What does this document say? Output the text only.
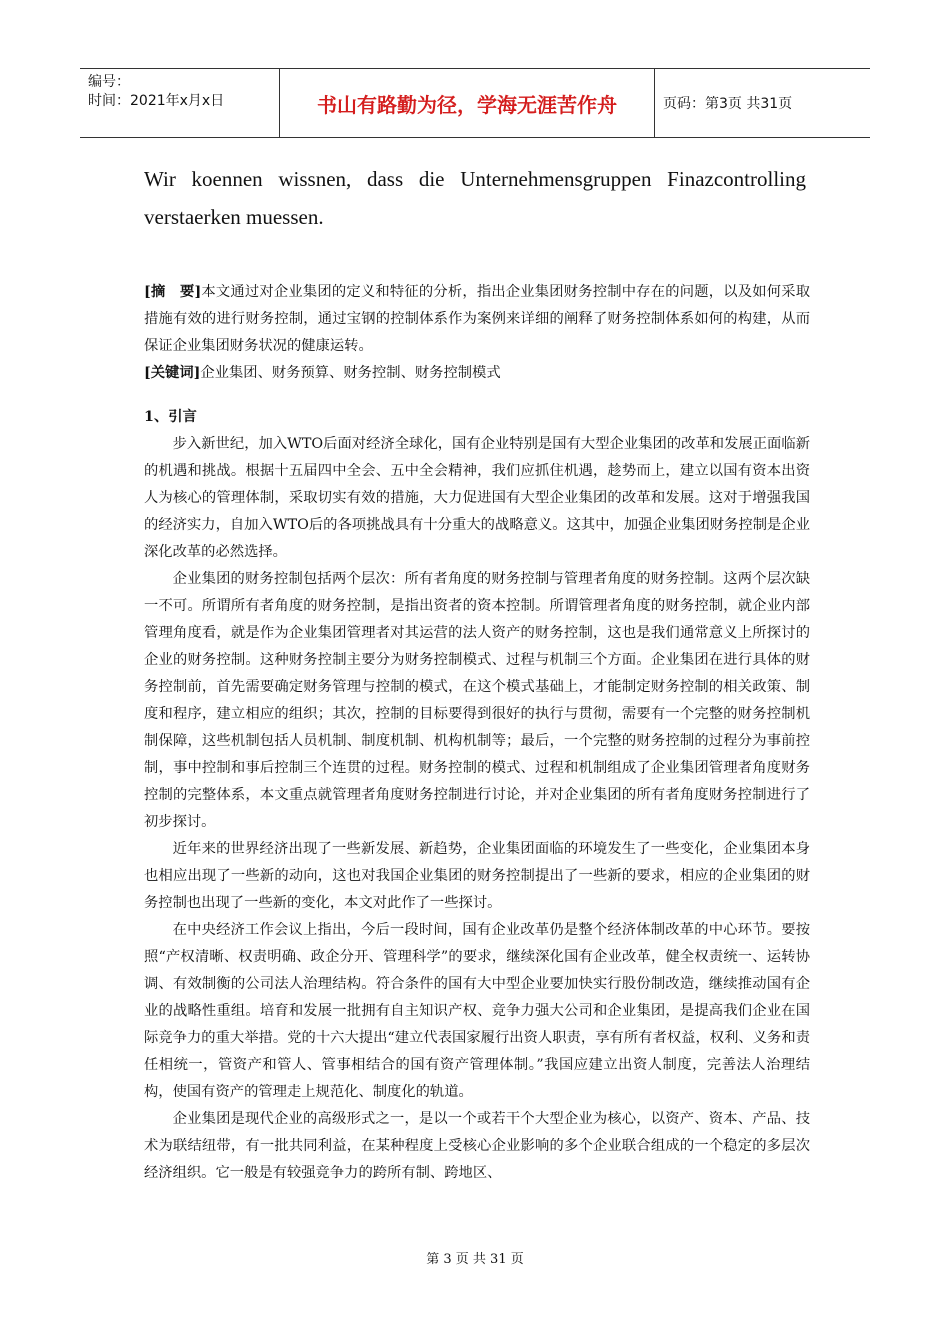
编号：
时间：2021年x月x日	书山有路勤为径，学海无涯苦作舟	页码：第3页 共31页
Wir koennen wissnen, dass die Unternehmensgruppen Finazcontrolling verstaerken muessen.

[摘　要]本文通过对企业集团的定义和特征的分析，指出企业集团财务控制中存在的问题，以及如何采取措施有效的进行财务控制，通过宝钢的控制体系作为案例来详细的阐释了财务控制体系如何的构建，从而保证企业集团财务状况的健康运转。

[关键词]企业集团、财务预算、财务控制、财务控制模式

1、引言

步入新世纪，加入WTO后面对经济全球化，国有企业特别是国有大型企业集团的改革和发展正面临新的机遇和挑战。根据十五届四中全会、五中全会精神，我们应抓住机遇，趁势而上，建立以国有资本出资人为核心的管理体制，采取切实有效的措施，大力促进国有大型企业集团的改革和发展。这对于增强我国的经济实力，自加入WTO后的各项挑战具有十分重大的战略意义。这其中，加强企业集团财务控制是企业深化改革的必然选择。

企业集团的财务控制包括两个层次：所有者角度的财务控制与管理者角度的财务控制。这两个层次缺一不可。所谓所有者角度的财务控制，是指出资者的资本控制。所谓管理者角度的财务控制，就企业内部管理角度看，就是作为企业集团管理者对其运营的法人资产的财务控制，这也是我们通常意义上所探讨的企业的财务控制。这种财务控制主要分为财务控制模式、过程与机制三个方面。企业集团在进行具体的财务控制前，首先需要确定财务管理与控制的模式，在这个模式基础上，才能制定财务控制的相关政策、制度和程序，建立相应的组织；其次，控制的目标要得到很好的执行与贯彻，需要有一个完整的财务控制机制保障，这些机制包括人员机制、制度机制、机构机制等；最后，一个完整的财务控制的过程分为事前控制，事中控制和事后控制三个连贯的过程。财务控制的模式、过程和机制组成了企业集团管理者角度财务控制的完整体系，本文重点就管理者角度财务控制进行讨论，并对企业集团的所有者角度财务控制进行了初步探讨。

近年来的世界经济出现了一些新发展、新趋势，企业集团面临的环境发生了一些变化，企业集团本身也相应出现了一些新的动向，这也对我国企业集团的财务控制提出了一些新的要求，相应的企业集团的财务控制也出现了一些新的变化，本文对此作了一些探讨。

在中央经济工作会议上指出，今后一段时间，国有企业改革仍是整个经济体制改革的中心环节。要按照“产权清晰、权责明确、政企分开、管理科学”的要求，继续深化国有企业改革，健全权责统一、运转协调、有效制衡的公司法人治理结构。符合条件的国有大中型企业要加快实行股份制改造，继续推动国有企业的战略性重组。培育和发展一批拥有自主知识产权、竞争力强大公司和企业集团，是提高我们企业在国际竞争力的重大举措。党的十六大提出“建立代表国家履行出资人职责，享有所有者权益，权利、义务和责任相统一，管资产和管人、管事相结合的国有资产管理体制。”我国应建立出资人制度，完善法人治理结构，使国有资产的管理走上规范化、制度化的轨道。

企业集团是现代企业的高级形式之一，是以一个或若干个大型企业为核心，以资产、资本、产品、技术为联结纽带，有一批共同利益，在某种程度上受核心企业影响的多个企业联合组成的一个稳定的多层次经济组织。它一般是有较强竞争力的跨所有制、跨地区、

第 3 页 共 31 页
